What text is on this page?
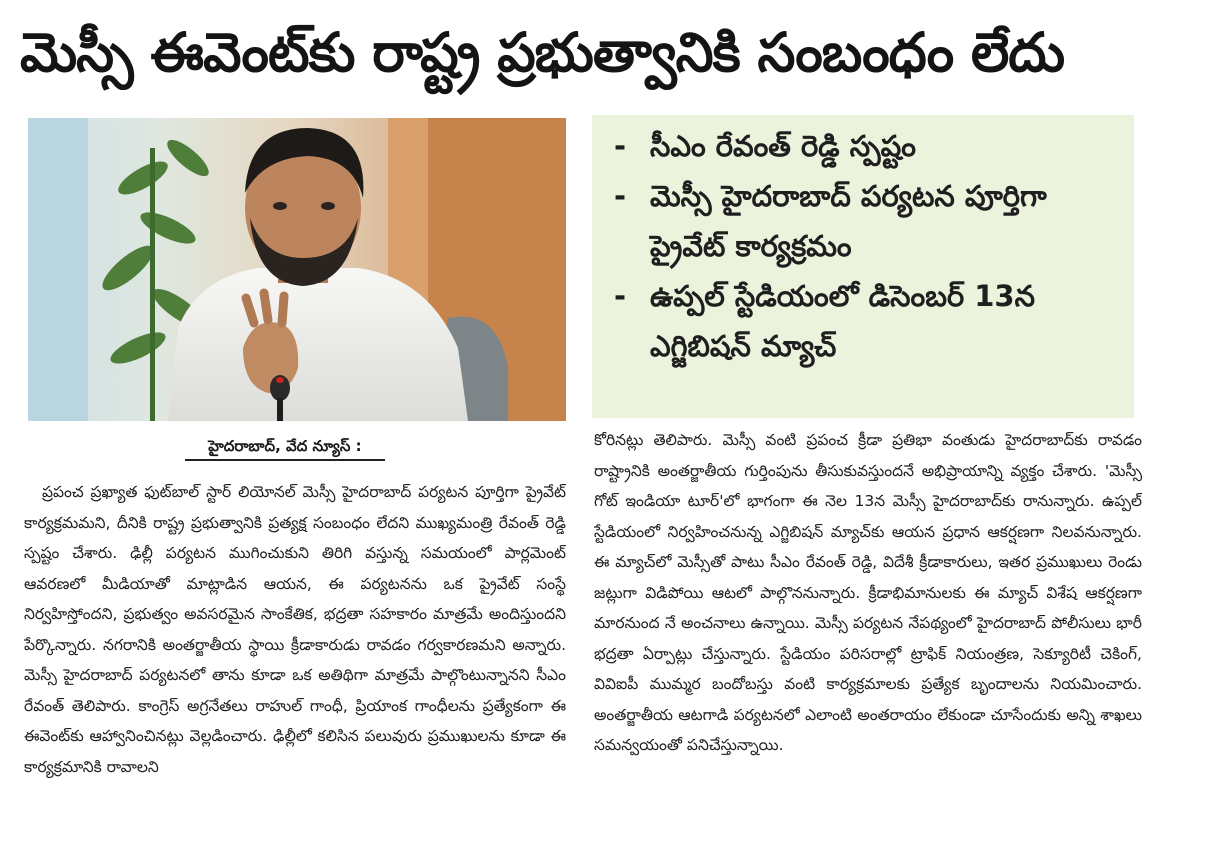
మెస్సీ ఈవెంట్‌కు రాష్ట్ర ప్రభుత్వానికి సంబంధం లేదు
- సీఎం రేవంత్ రెడ్డి స్పష్టం
- మెస్సీ హైదరాబాద్ పర్యటన పూర్తిగా
ప్రైవేట్ కార్యక్రమం
- ఉప్పల్ స్టేడియంలో డిసెంబర్ 13న
ఎగ్జిబిషన్ మ్యాచ్
హైదరాబాద్, వేద న్యూస్ :

ప్రపంచ ప్రఖ్యాత ఫుట్‌బాల్ స్టార్ లియోనల్ మెస్సీ హైదరాబాద్ పర్యటన పూర్తిగా ప్రైవేట్ కార్యక్రమమని, దీనికి రాష్ట్ర ప్రభుత్వానికి ప్రత్యక్ష సంబంధం లేదని ముఖ్యమంత్రి రేవంత్ రెడ్డి స్పష్టం చేశారు. ఢిల్లీ పర్యటన ముగించుకుని తిరిగి వస్తున్న సమయంలో పార్లమెంట్ ఆవరణలో మీడియాతో మాట్లాడిన ఆయన, ఈ పర్యటనను ఒక ప్రైవేట్ సంస్థే నిర్వహిస్తోందని, ప్రభుత్వం అవసరమైన సాంకేతిక, భద్రతా సహకారం మాత్రమే అందిస్తుందని పేర్కొన్నారు. నగరానికి అంతర్జాతీయ స్థాయి క్రీడాకారుడు రావడం గర్వకారణమని అన్నారు. మెస్సీ హైదరాబాద్ పర్యటనలో తాను కూడా ఒక అతిథిగా మాత్రమే పాల్గొంటున్నానని సీఎం రేవంత్ తెలిపారు. కాంగ్రెస్ అగ్రనేతలు రాహుల్ గాంధీ, ప్రియాంక గాంధీలను ప్రత్యేకంగా ఈ ఈవెంట్‌కు ఆహ్వానించినట్లు వెల్లడించారు. ఢిల్లీలో కలిసిన పలువురు ప్రముఖులను కూడా ఈ కార్యక్రమానికి రావాలని

కోరినట్లు తెలిపారు. మెస్సీ వంటి ప్రపంచ క్రీడా ప్రతిభా వంతుడు హైదరాబాద్‌కు రావడం రాష్ట్రానికి అంతర్జాతీయ గుర్తింపును తీసుకువస్తుందనే అభిప్రాయాన్ని వ్యక్తం చేశారు. 'మెస్సీ గోట్ ఇండియా టూర్'లో భాగంగా ఈ నెల 13న మెస్సీ హైదరాబాద్‌కు రానున్నారు. ఉప్పల్ స్టేడియంలో నిర్వహించనున్న ఎగ్జిబిషన్ మ్యాచ్‌కు ఆయన ప్రధాన ఆకర్షణగా నిలవనున్నారు. ఈ మ్యాచ్‌లో మెస్సీతో పాటు సీఎం రేవంత్ రెడ్డి, విదేశీ క్రీడాకారులు, ఇతర ప్రముఖులు రెండు జట్లుగా విడిపోయి ఆటలో పాల్గొననున్నారు. క్రీడాభిమానులకు ఈ మ్యాచ్ విశేష ఆకర్షణగా మారనుంద నే అంచనాలు ఉన్నాయి. మెస్సీ పర్యటన నేపథ్యంలో హైదరాబాద్ పోలీసులు భారీ భద్రతా ఏర్పాట్లు చేస్తున్నారు. స్టేడియం పరిసరాల్లో ట్రాఫిక్ నియంత్రణ, సెక్యూరిటీ చెకింగ్, వివిఐపీ ముమ్మర బందోబస్తు వంటి కార్యక్రమాలకు ప్రత్యేక బృందాలను నియమించారు. అంతర్జాతీయ ఆటగాడి పర్యటనలో ఎలాంటి అంతరాయం లేకుండా చూసేందుకు అన్ని శాఖలు సమన్వయంతో పనిచేస్తున్నాయి.
